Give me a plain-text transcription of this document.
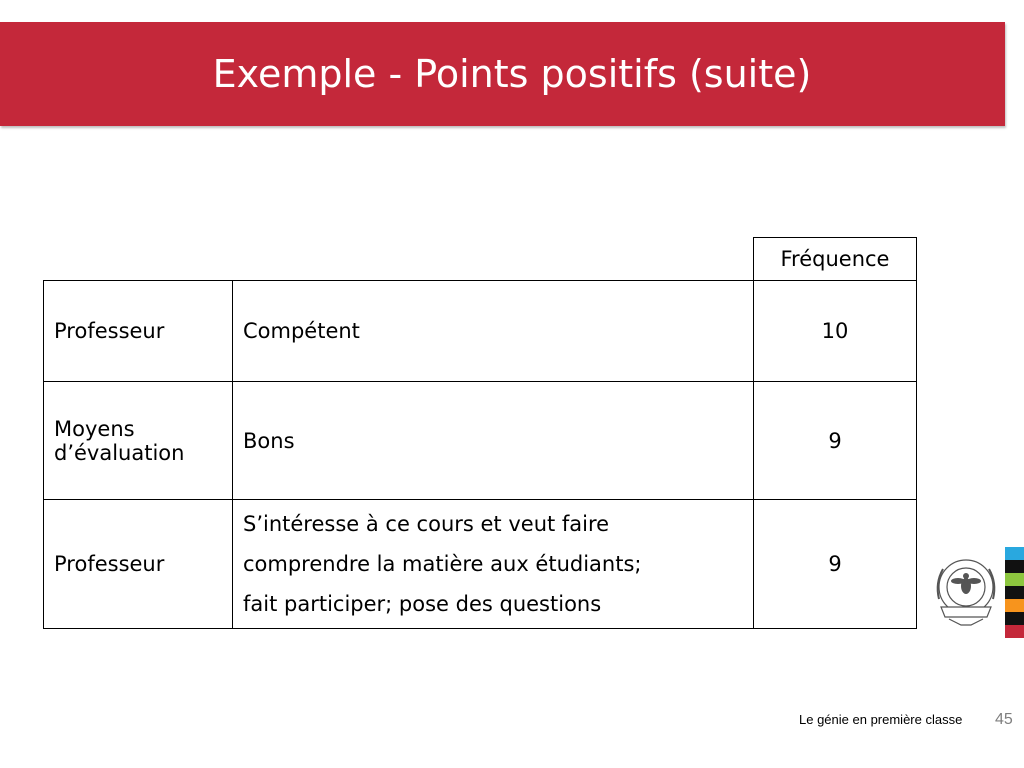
Exemple - Points positifs (suite)
		Fréquence
Professeur	Compétent	10
Moyens
d’évaluation	Bons	9
Professeur	S’intéresse à ce cours et veut faire
comprendre la matière aux étudiants;
fait participer; pose des questions	9
Le génie en première classe 45
